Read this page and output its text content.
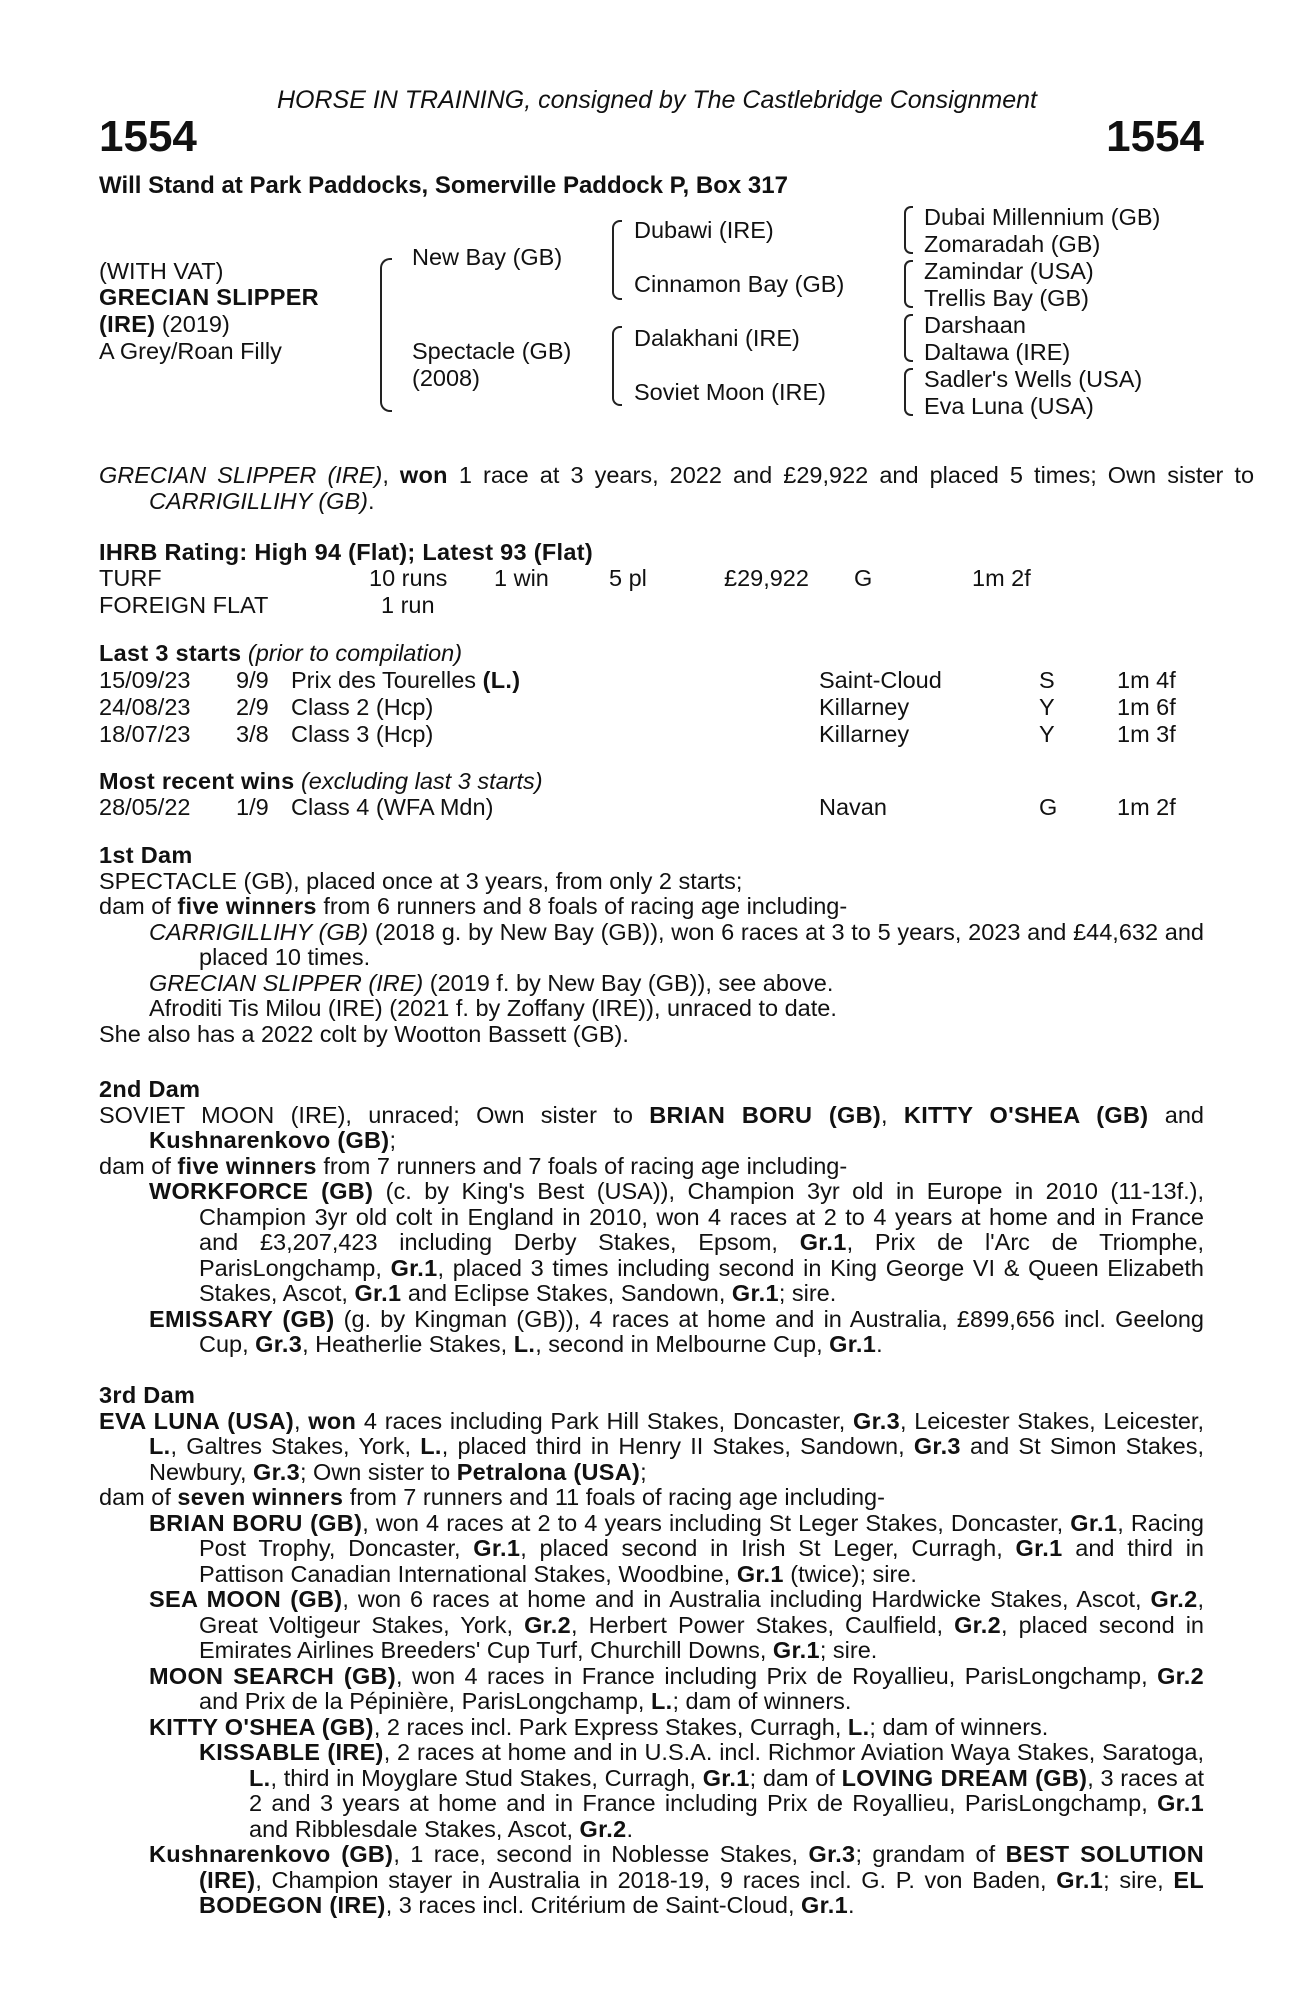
HORSE IN TRAINING, consigned by The Castlebridge Consignment
1554	1554
Will Stand at Park Paddocks, Somerville Paddock P, Box 317
(WITH VAT)
GRECIAN SLIPPER
(IRE) (2019)
A Grey/Roan Filly
New Bay (GB)
Spectacle (GB)
(2008)
Dubawi (IRE)
Cinnamon Bay (GB)
Dalakhani (IRE)
Soviet Moon (IRE)
Dubai Millennium (GB)
Zomaradah (GB)
Zamindar (USA)
Trellis Bay (GB)
Darshaan
Daltawa (IRE)
Sadler's Wells (USA)
Eva Luna (USA)
GRECIAN SLIPPER (IRE), won 1 race at 3 years, 2022 and £29,922 and placed 5 times; Own sister to CARRIGILLIHY (GB).
IHRB Rating: High 94 (Flat); Latest 93 (Flat)
TURF	10 runs	1 win	5 pl	£29,922	G	1m 2f
FOREIGN FLAT	1 run					
Last 3 starts (prior to compilation)
15/09/23	9/9	Prix des Tourelles (L.)	Saint-Cloud	S	1m 4f
24/08/23	2/9	Class 2 (Hcp)	Killarney	Y	1m 6f
18/07/23	3/8	Class 3 (Hcp)	Killarney	Y	1m 3f
Most recent wins (excluding last 3 starts)
28/05/22	1/9	Class 4 (WFA Mdn)	Navan	G	1m 2f
1st Dam
SPECTACLE (GB), placed once at 3 years, from only 2 starts;
dam of five winners from 6 runners and 8 foals of racing age including-
CARRIGILLIHY (GB) (2018 g. by New Bay (GB)), won 6 races at 3 to 5 years, 2023 and £44,632 and placed 10 times.
GRECIAN SLIPPER (IRE) (2019 f. by New Bay (GB)), see above.
Afroditi Tis Milou (IRE) (2021 f. by Zoffany (IRE)), unraced to date.
She also has a 2022 colt by Wootton Bassett (GB).
2nd Dam
SOVIET MOON (IRE), unraced; Own sister to BRIAN BORU (GB), KITTY O'SHEA (GB) and Kushnarenkovo (GB);
dam of five winners from 7 runners and 7 foals of racing age including-
WORKFORCE (GB) (c. by King's Best (USA)), Champion 3yr old in Europe in 2010 (11-13f.), Champion 3yr old colt in England in 2010, won 4 races at 2 to 4 years at home and in France and £3,207,423 including Derby Stakes, Epsom, Gr.1, Prix de l'Arc de Triomphe, ParisLongchamp, Gr.1, placed 3 times including second in King George VI & Queen Elizabeth Stakes, Ascot, Gr.1 and Eclipse Stakes, Sandown, Gr.1; sire.
EMISSARY (GB) (g. by Kingman (GB)), 4 races at home and in Australia, £899,656 incl. Geelong Cup, Gr.3, Heatherlie Stakes, L., second in Melbourne Cup, Gr.1.
3rd Dam
EVA LUNA (USA), won 4 races including Park Hill Stakes, Doncaster, Gr.3, Leicester Stakes, Leicester, L., Galtres Stakes, York, L., placed third in Henry II Stakes, Sandown, Gr.3 and St Simon Stakes, Newbury, Gr.3; Own sister to Petralona (USA);
dam of seven winners from 7 runners and 11 foals of racing age including-
BRIAN BORU (GB), won 4 races at 2 to 4 years including St Leger Stakes, Doncaster, Gr.1, Racing Post Trophy, Doncaster, Gr.1, placed second in Irish St Leger, Curragh, Gr.1 and third in Pattison Canadian International Stakes, Woodbine, Gr.1 (twice); sire.
SEA MOON (GB), won 6 races at home and in Australia including Hardwicke Stakes, Ascot, Gr.2, Great Voltigeur Stakes, York, Gr.2, Herbert Power Stakes, Caulfield, Gr.2, placed second in Emirates Airlines Breeders' Cup Turf, Churchill Downs, Gr.1; sire.
MOON SEARCH (GB), won 4 races in France including Prix de Royallieu, ParisLongchamp, Gr.2 and Prix de la Pépinière, ParisLongchamp, L.; dam of winners.
KITTY O'SHEA (GB), 2 races incl. Park Express Stakes, Curragh, L.; dam of winners.
KISSABLE (IRE), 2 races at home and in U.S.A. incl. Richmor Aviation Waya Stakes, Saratoga, L., third in Moyglare Stud Stakes, Curragh, Gr.1; dam of LOVING DREAM (GB), 3 races at 2 and 3 years at home and in France including Prix de Royallieu, ParisLongchamp, Gr.1 and Ribblesdale Stakes, Ascot, Gr.2.
Kushnarenkovo (GB), 1 race, second in Noblesse Stakes, Gr.3; grandam of BEST SOLUTION (IRE), Champion stayer in Australia in 2018-19, 9 races incl. G. P. von Baden, Gr.1; sire, EL BODEGON (IRE), 3 races incl. Critérium de Saint-Cloud, Gr.1.
